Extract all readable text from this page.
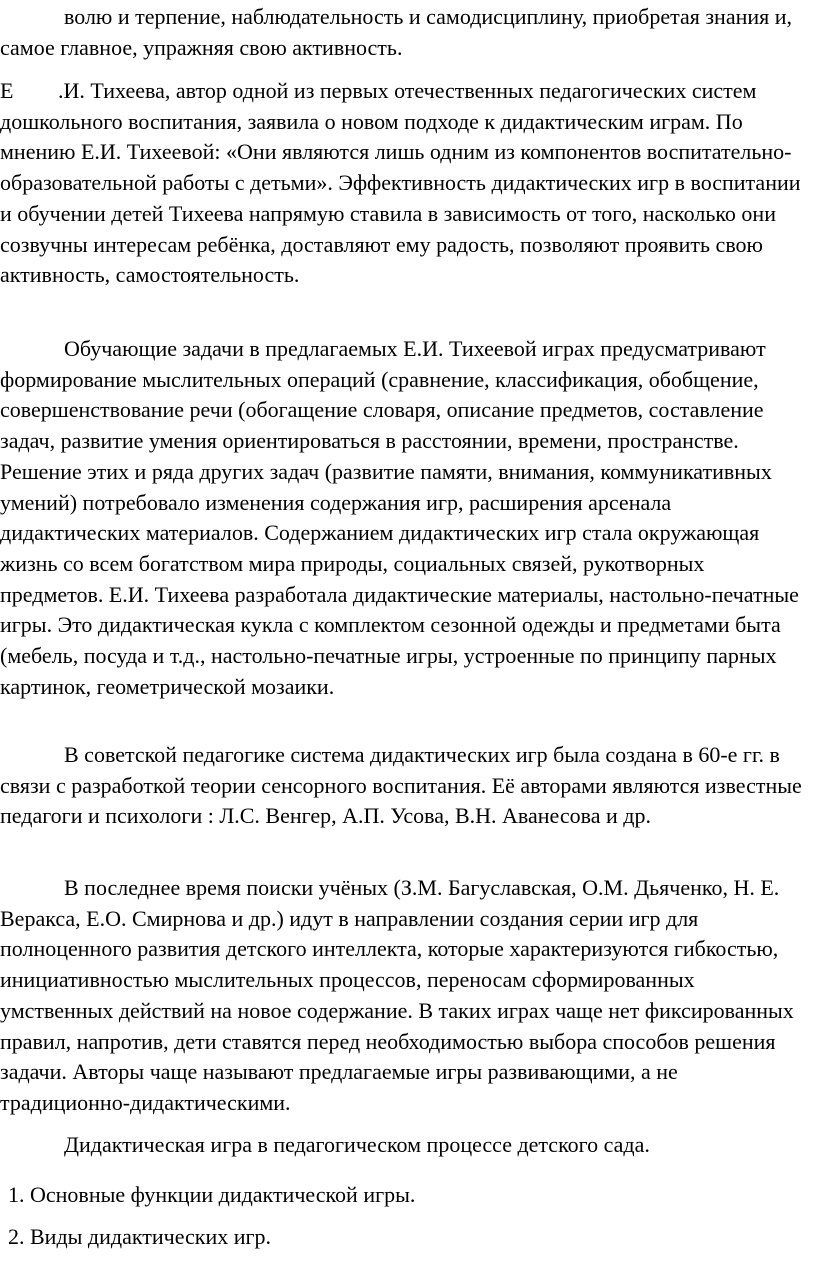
волю и терпение, наблюдательность и самодисциплину, приобретая знания и, самое главное, упражняя свою активность.

Е .И. Тихеева, автор одной из первых отечественных педагогических систем дошкольного воспитания, заявила о новом подходе к дидактическим играм. По мнению Е.И. Тихеевой: «Они являются лишь одним из компонентов воспитательно-образовательной работы с детьми». Эффективность дидактических игр в воспитании и обучении детей Тихеева напрямую ставила в зависимость от того, насколько они созвучны интересам ребёнка, доставляют ему радость, позволяют проявить свою активность, самостоятельность.

Обучающие задачи в предлагаемых Е.И. Тихеевой играх предусматривают формирование мыслительных операций (сравнение, классификация, обобщение, совершенствование речи (обогащение словаря, описание предметов, составление задач, развитие умения ориентироваться в расстоянии, времени, пространстве. Решение этих и ряда других задач (развитие памяти, внимания, коммуникативных умений) потребовало изменения содержания игр, расширения арсенала дидактических материалов. Содержанием дидактических игр стала окружающая жизнь со всем богатством мира природы, социальных связей, рукотворных предметов. Е.И. Тихеева разработала дидактические материалы, настольно-печатные игры. Это дидактическая кукла с комплектом сезонной одежды и предметами быта (мебель, посуда и т.д., настольно-печатные игры, устроенные по принципу парных картинок, геометрической мозаики.

В советской педагогике система дидактических игр была создана в 60-е гг. в связи с разработкой теории сенсорного воспитания. Её авторами являются известные педагоги и психологи : Л.С. Венгер, А.П. Усова, В.Н. Аванесова и др.

В последнее время поиски учёных (З.М. Багуславская, О.М. Дьяченко, Н. Е. Веракса, Е.О. Смирнова и др.) идут в направлении создания серии игр для полноценного развития детского интеллекта, которые характеризуются гибкостью, инициативностью мыслительных процессов, переносам сформированных умственных действий на новое содержание. В таких играх чаще нет фиксированных правил, напротив, дети ставятся перед необходимостью выбора способов решения задачи. Авторы чаще называют предлагаемые игры развивающими, а не традиционно-дидактическими.

Дидактическая игра в педагогическом процессе детского сада.

1. Основные функции дидактической игры.

2. Виды дидактических игр.
